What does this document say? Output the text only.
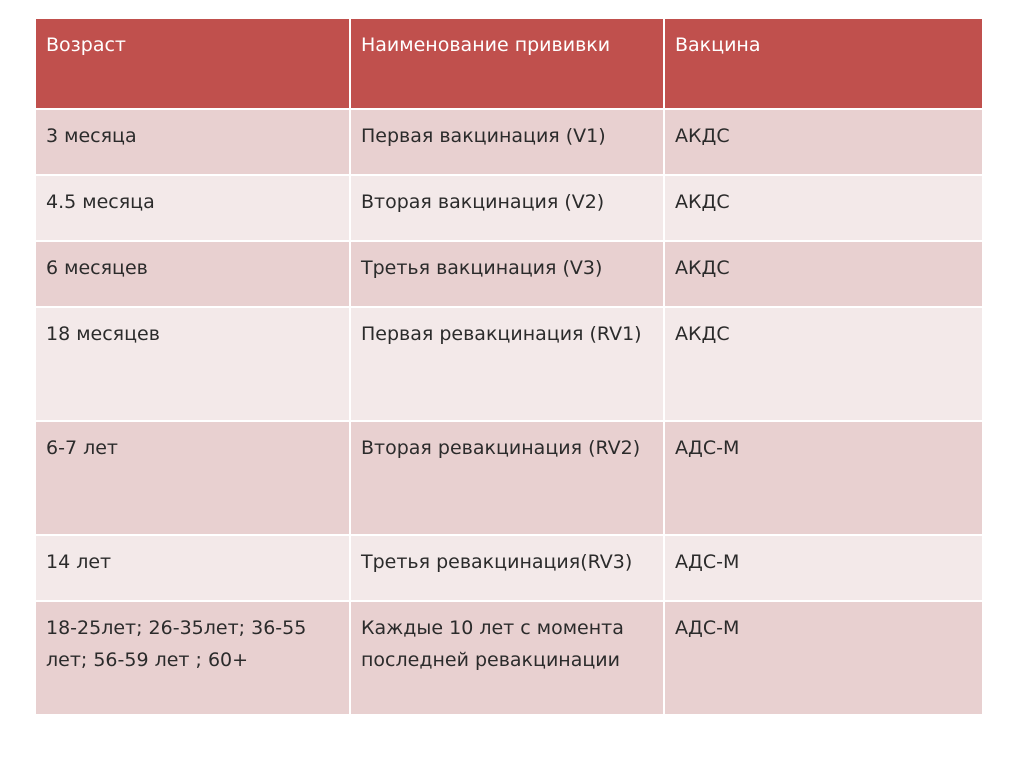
Возраст	Наименование прививки	Вакцина
3 месяца	Первая вакцинация (V1)	АКДС
4.5 месяца	Вторая вакцинация (V2)	АКДС
6 месяцев	Третья вакцинация (V3)	АКДС
18 месяцев	Первая ревакцинация (RV1)	АКДС
6-7 лет	Вторая ревакцинация (RV2)	АДС-М
14 лет	Третья ревакцинация(RV3)	АДС-М
18-25лет; 26-35лет; 36-55 лет; 56-59 лет ; 60+	Каждые 10 лет с момента последней ревакцинации	АДС-М
